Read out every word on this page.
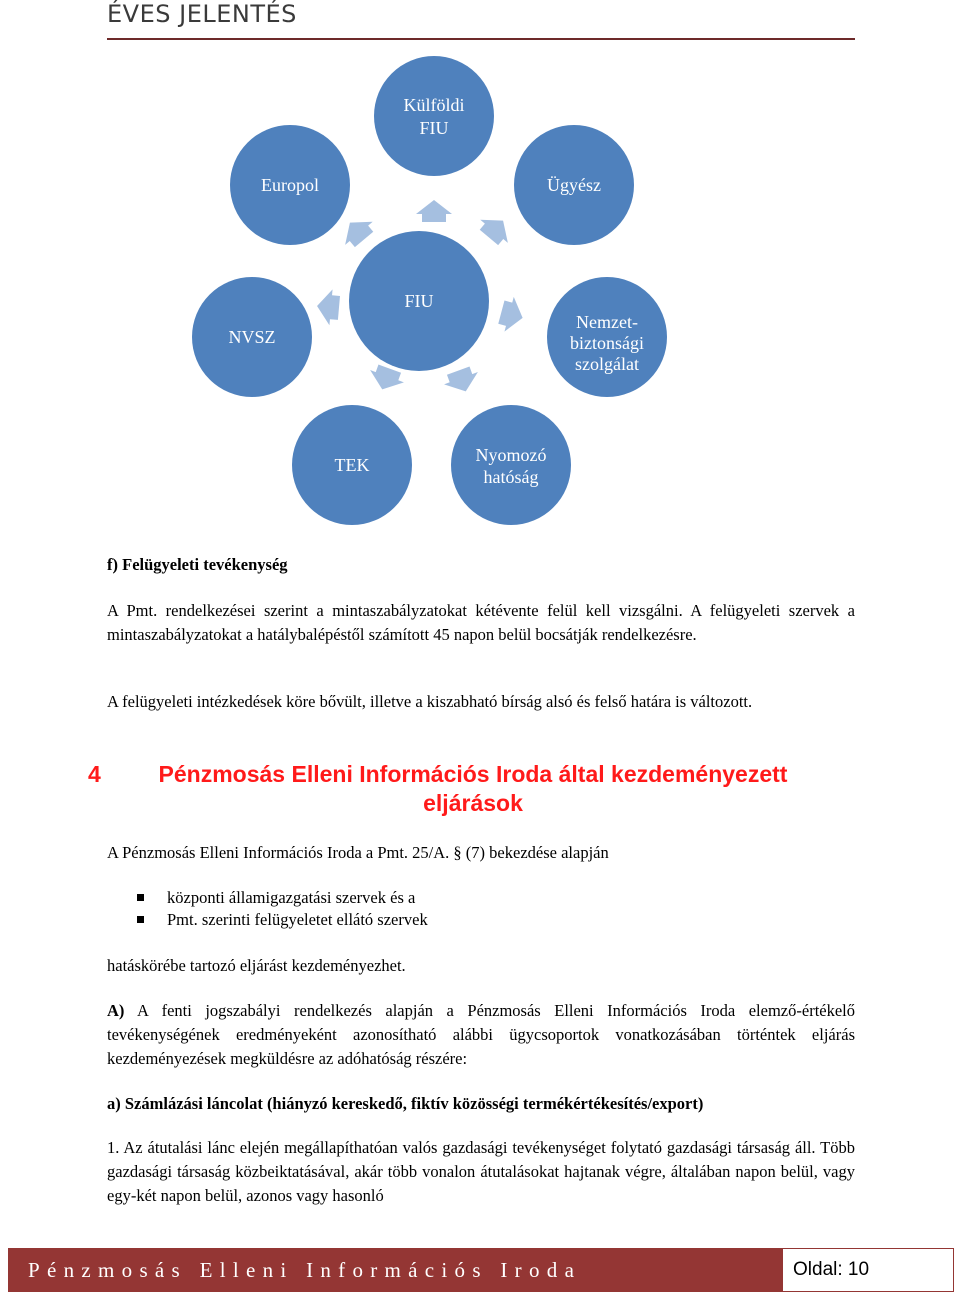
ÉVES JELENTÉS
Külföldi
FIU
Europol	Ügyész
FIU
NVSZ
Nemzet-
biztonsági
szolgálat
TEK	Nyomozó
hatóság
f) Felügyeleti tevékenység
A Pmt. rendelkezései szerint a mintaszabályzatokat kétévente felül kell vizsgálni. A felügyeleti szervek a mintaszabályzatokat a hatálybalépéstől számított 45 napon belül bocsátják rendelkezésre.
A felügyeleti intézkedések köre bővült, illetve a kiszabható bírság alsó és felső határa is változott.
4	Pénzmosás Elleni Információs Iroda által kezdeményezett
eljárások
A Pénzmosás Elleni Információs Iroda a Pmt. 25/A. § (7) bekezdése alapján
központi államigazgatási szervek és a
Pmt. szerinti felügyeletet ellátó szervek
hatáskörébe tartozó eljárást kezdeményezhet.
A) A fenti jogszabályi rendelkezés alapján a Pénzmosás Elleni Információs Iroda elemző-értékelő tevékenységének eredményeként azonosítható alábbi ügycsoportok vonatkozásában történtek eljárás kezdeményezések megküldésre az adóhatóság részére:
a) Számlázási láncolat (hiányzó kereskedő, fiktív közösségi termékértékesítés/export)
1. Az átutalási lánc elején megállapíthatóan valós gazdasági tevékenységet folytató gazdasági társaság áll. Több gazdasági társaság közbeiktatásával, akár több vonalon átutalásokat hajtanak végre, általában napon belül, vagy egy-két napon belül, azonos vagy hasonló
Pénzmosás Elleni Információs Iroda	Oldal: 10
